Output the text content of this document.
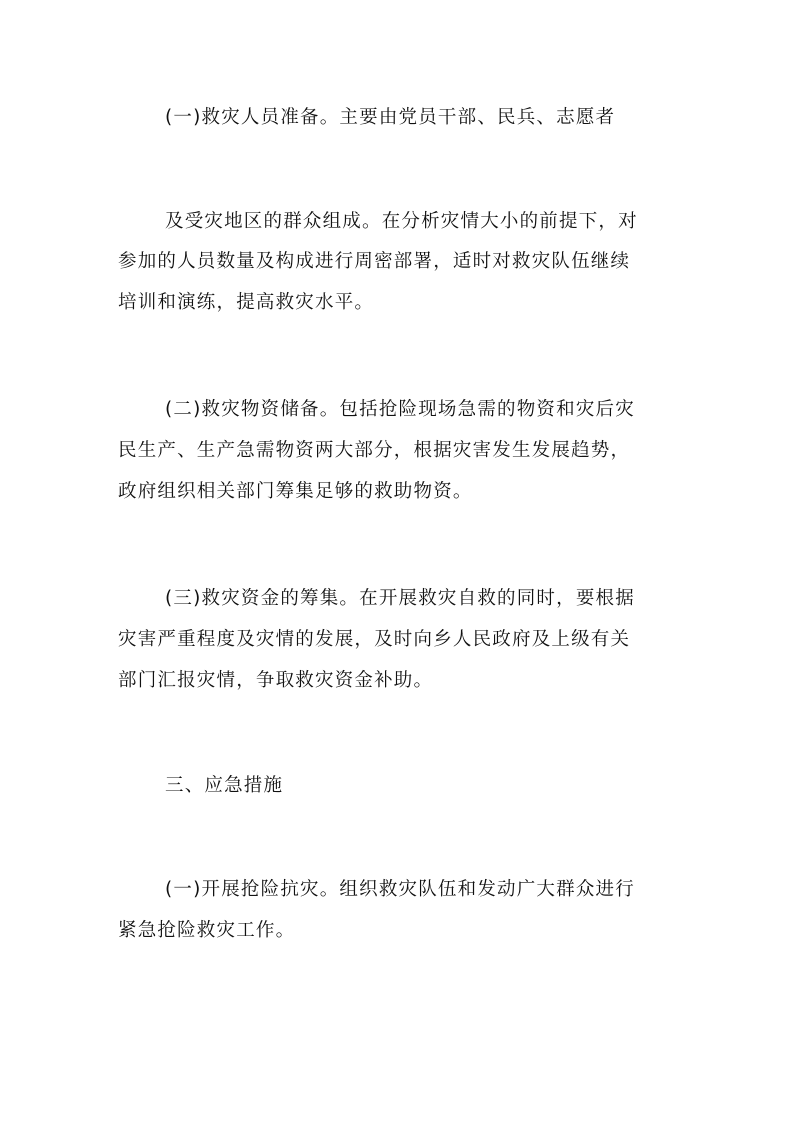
(一)救灾人员准备。主要由党员干部、民兵、志愿者
及受灾地区的群众组成。在分析灾情大小的前提下，对
参加的人员数量及构成进行周密部署，适时对救灾队伍继续
培训和演练，提高救灾水平。
(二)救灾物资储备。包括抢险现场急需的物资和灾后灾
民生产、生产急需物资两大部分，根据灾害发生发展趋势，
政府组织相关部门筹集足够的救助物资。
(三)救灾资金的筹集。在开展救灾自救的同时，要根据
灾害严重程度及灾情的发展，及时向乡人民政府及上级有关
部门汇报灾情，争取救灾资金补助。
三、应急措施
(一)开展抢险抗灾。组织救灾队伍和发动广大群众进行
紧急抢险救灾工作。
